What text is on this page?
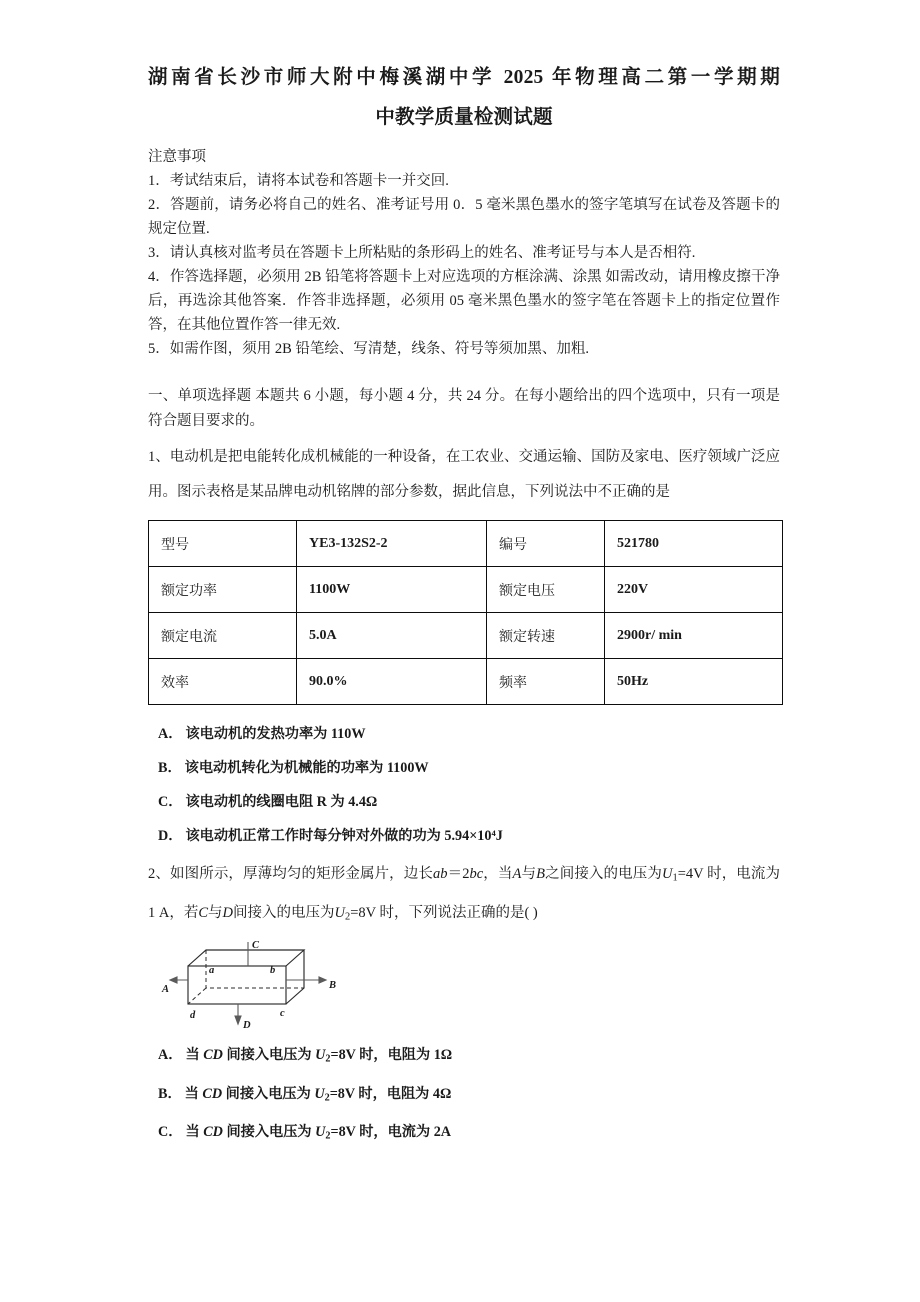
湖南省长沙市师大附中梅溪湖中学 2025 年物理高二第一学期期
中教学质量检测试题

注意事项

1．考试结束后，请将本试卷和答题卡一并交回.

2．答题前，请务必将自己的姓名、准考证号用 0．5 毫米黑色墨水的签字笔填写在试卷及答题卡的规定位置.

3．请认真核对监考员在答题卡上所粘贴的条形码上的姓名、准考证号与本人是否相符.

4．作答选择题，必须用 2B 铅笔将答题卡上对应选项的方框涂满、涂黑 如需改动，请用橡皮擦干净后，再选涂其他答案．作答非选择题，必须用 05 毫米黑色墨水的签字笔在答题卡上的指定位置作答，在其他位置作答一律无效.

5．如需作图，须用 2B 铅笔绘、写清楚，线条、符号等须加黑、加粗.

一、单项选择题 本题共 6 小题，每小题 4 分，共 24 分。在每小题给出的四个选项中，只有一项是符合题目要求的。

1、电动机是把电能转化成机械能的一种设备，在工农业、交通运输、国防及家电、医疗领域广泛应用。图示表格是某品牌电动机铭牌的部分参数，据此信息，下列说法中不正确的是

型号	YE3-132S2-2	编号	521780
额定功率	1100W	额定电压	220V
额定电流	5.0A	额定转速	2900r/ min
效率	90.0%	频率	50Hz

A． 该电动机的发热功率为 110W

B． 该电动机转化为机械能的功率为 1100W

C． 该电动机的线圈电阻 R 为 4.4Ω

D． 该电动机正常工作时每分钟对外做的功为 5.94×10⁴J

2、如图所示，厚薄均匀的矩形金属片，边长ab＝2bc，当A与B之间接入的电压为$U_1=4V$ 时，电流为 1 A，若C与D间接入的电压为$U_2=8V$ 时，下列说法正确的是( )

A	B
C
D
a	b
c
d

A． 当 CD 间接入电压为 $U_2=8V$ 时，电阻为 1Ω

B． 当 CD 间接入电压为 $U_2=8V$ 时，电阻为 4Ω

C． 当 CD 间接入电压为 $U_2=8V$ 时，电流为 2A
